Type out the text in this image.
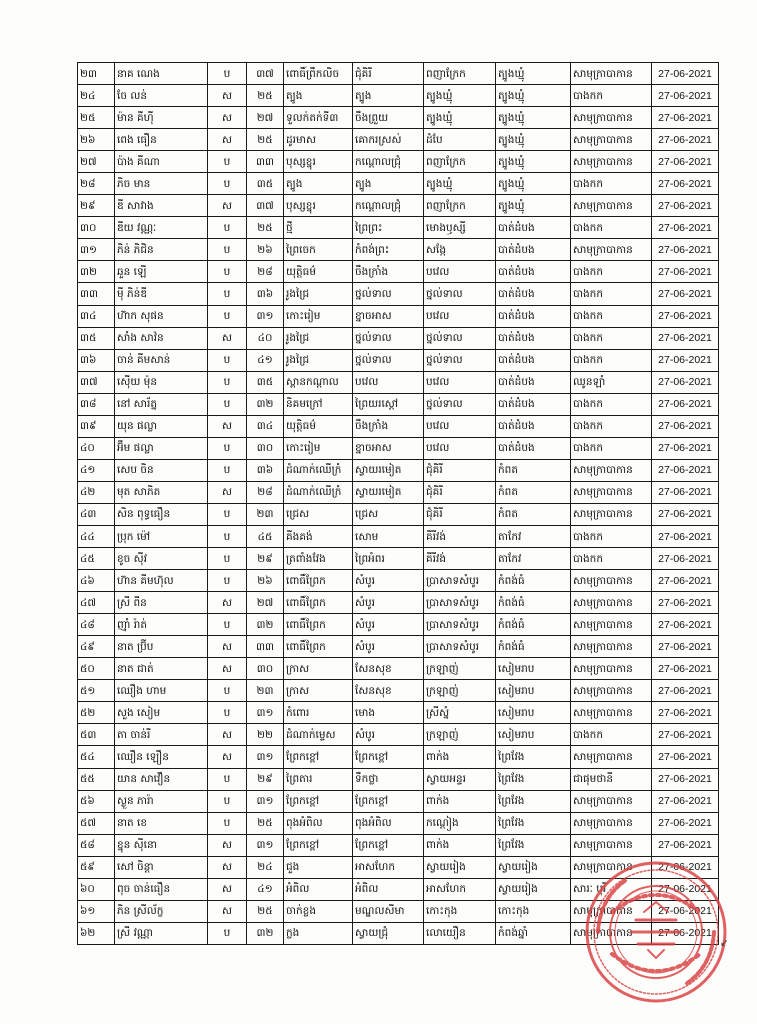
២៣	នាគ ណេង	ប	៣៧	ពោធិ៍ព្រឹកលិច	ជុំគិរី	ពញាក្រែក	ត្បូងឃ្មុំ	សាមុក្រាបាកាន	27-06-2021
២៤	ចែ លន់	ស	២៥	ត្បូង	ត្បូង	ត្បូងឃ្មុំ	ត្បូងឃ្មុំ	បាងកក	27-06-2021
២៥	ម៉ាន គីហ៊ី	ស	២៧	ទួលក់តក់ទី៣	ចឹងព្រួយ	ត្បូងឃ្មុំ	ត្បូងឃ្មុំ	សាមុក្រាបាកាន	27-06-2021
២៦	ពេង ធឿន	ស	២៥	ដូរមាស	គោករស្រស់	ដំបែ	ត្បូងឃ្មុំ	សាមុក្រាបាកាន	27-06-2021
២៧	ប៉ាង គីណា	ប	៣៣	បុស្សខ្នុរ	កណ្ដោលជ្រុំ	ពញាក្រែក	ត្បូងឃ្មុំ	សាមុក្រាបាកាន	27-06-2021
២៨	ភិច មាន	ប	៣៥	ត្បូង	ត្បូង	ត្បូងឃ្មុំ	ត្បូងឃ្មុំ	បាងកក	27-06-2021
២៩	ឌី សាវាង	ស	៣៧	បុស្សខ្នុរ	កណ្ដោលជ្រុំ	ពញាក្រែក	ត្បូងឃ្មុំ	សាមុក្រាបាកាន	27-06-2021
៣០	ឌីយ វណ្ណៈ	ប	២៥	ថ្មី	ព្រៃព្រះ	មោងឫស្សី	បាត់ដំបង	បាងកក	27-06-2021
៣១	ភិន់ ភិជិន	ប	២៦	ព្រៃចេក	កំពង់ព្រះ	សង្កែ	បាត់ដំបង	សាមុក្រាបាកាន	27-06-2021
៣២	ឆួន ឡើ	ប	២៨	យុត្តិធម៌	ចឹងក្រាំង	បវេល	បាត់ដំបង	បាងកក	27-06-2021
៣៣	ម៉ី ភិន់ឌី	ប	៣៦	រូងជ្រៃ	ថ្នល់ទាល	ថ្នល់ទាល	បាត់ដំបង	បាងកក	27-06-2021
៣៤	ហ៊ាក សុផន	ប	៣១	កោះរៀម	ខ្នាចអាស	បវេល	បាត់ដំបង	បាងកក	27-06-2021
៣៥	សាំង សាវ៉ន	ស	៤០	រូងជ្រៃ	ថ្នល់ទាល	ថ្នល់ទាល	បាត់ដំបង	បាងកក	27-06-2021
៣៦	ចាន់ គីមសាន់	ប	៤១	រូងជ្រៃ	ថ្នល់ទាល	ថ្នល់ទាល	បាត់ដំបង	បាងកក	27-06-2021
៣៧	ស៊ើយ ម៉ុន	ប	៣៥	ស្ពានកណ្ដាល	បវេល	បវេល	បាត់ដំបង	ឈូនឡាំ	27-06-2021
៣៨	នៅ សារ័ត្ន	ប	៣២	និគមក្រៅ	ព្រៃយរស្ដៅ	ថ្នល់ទាល	បាត់ដំបង	បាងកក	27-06-2021
៣៩	យុន ផល្លា	ស	៣៤	យុត្តិធម៌	ចឹងក្រាំង	បវេល	បាត់ដំបង	បាងកក	27-06-2021
៤០	អ៊ឹម ផល្លា	ប	៣០	កោះរៀម	ខ្នាចអាស	បវេល	បាត់ដំបង	បាងកក	27-06-2021
៤១	សេប ចិន	ប	៣៦	ដំណាក់ឈើក្រំ	ស្វាយរមៀត	ជុំគិរី	កំពត	សាមុក្រាបាកាន	27-06-2021
៤២	មុត សាភិត	ស	២៨	ដំណាក់ឈើក្រំ	ស្វាយរមៀត	ជុំគិរី	កំពត	សាមុក្រាបាកាន	27-06-2021
៤៣	សិន ពុទ្ធធឿន	ប	២៣	ជ្រេស	ជ្រេស	ជុំគិរី	កំពត	សាមុក្រាបាកាន	27-06-2021
៤៤	ប្រុក ម៉ៅ	ប	៤៥	គីងគង់	សោម	គីរីវង់	តាកែវ	បាងកក	27-06-2021
៤៥	ខូច ស៊ីវ	ប	២៩	ត្រពាំងវែង	ព្រៃអំពរ	គីរីវង់	តាកែវ	បាងកក	27-06-2021
៤៦	ហ៊ាន គីមហ៊ុល	ប	២៦	ពោធិ៍ព្រែក	សំបូរ	ប្រាសាទសំបូរ	កំពង់ធំ	សាមុក្រាបាកាន	27-06-2021
៤៧	ស្រី ពីន	ស	២៧	ពោធិ៍ព្រែក	សំបូរ	ប្រាសាទសំបូរ	កំពង់ធំ	សាមុក្រាបាកាន	27-06-2021
៤៨	ញ៉ាំ រ៉ាត់	ប	៣២	ពោធិ៍ព្រែក	សំបូរ	ប្រាសាទសំបូរ	កំពង់ធំ	សាមុក្រាបាកាន	27-06-2021
៤៩	នាត ប្រ៊ីប	ស	៣៣	ពោធិ៍ព្រែក	សំបូរ	ប្រាសាទសំបូរ	កំពង់ធំ	សាមុក្រាបាកាន	27-06-2021
៥០	នាត ជាត់	ស	៣០	ក្រាស	សែនសុខ	ក្រឡាញ់	សៀមរាប	សាមុក្រាបាកាន	27-06-2021
៥១	ឈឿង ហាម	ប	២៣	ក្រាស	សែនសុខ	ក្រឡាញ់	សៀមរាប	សាមុក្រាបាកាន	27-06-2021
៥២	សួង សៀម	ប	៣១	កំពោរ	មោង	ស្រីស្នំ	សៀមរាប	សាមុក្រាបាកាន	27-06-2021
៥៣	តា ចាន់រី	ស	២២	ដំណាក់ម្ទេស	សំបូរ	ក្រឡាញ់	សៀមរាប	បាងកក	27-06-2021
៥៤	ឈឿន ឡឿន	ស	៣១	ព្រែកខ្ពៅ	ព្រែកខ្ពៅ	ពាក់ង	ព្រៃវែង	សាមុក្រាបាកាន	27-06-2021
៥៥	យាន សាវឿន	ប	២៩	ព្រៃតារ	ទឹកថ្លា	ស្វាយអន្ទរ	ព្រៃវែង	ជាផុមថានី	27-06-2021
៥៦	ស្ងួន ភារ៉ា	ប	៣១	ព្រែកខ្ពៅ	ព្រែកខ្ពៅ	ពាក់ង	ព្រៃវែង	សាមុក្រាបាកាន	27-06-2021
៥៧	នាត ខេ	ប	២៥	ពុងអំពិល	ពុងអំពិល	កណ្ដៀង	ព្រៃវែង	សាមុក្រាបាកាន	27-06-2021
៥៨	ខ្នុន ស៊ីនោ	ស	៣១	ព្រែកខ្ពៅ	ព្រែកខ្ពៅ	ពាក់ង	ព្រៃវែង	សាមុក្រាបាកាន	27-06-2021
៥៩	សៅ ចិន្តា	ស	២៤	ជួង	អាសហែក	ស្វាយរៀង	ស្វាយរៀង	សាមុក្រាបាកាន	27-06-2021
៦០	ពុច ចាន់ធឿន	ស	៤១	អំពិល	អំពិល	អាសហែក	ស្វាយរៀង	សារៈ បុរី	27-06-2021
៦១	ភិន ស្រីល័ក្ខ	ស	២៥	ចាក់ខ្លង	មណ្ឌលសីមា	កោះកុង	កោះកុង	សាមុក្រាបាកាន	27-06-2021
៦២	ស្រី វណ្ណា	ប	៣២	ក្លង	ស្វាយជ្រុំ	លោយឿន	កំពង់ឆ្នាំ	សាមុក្រាបាកាន	27-06-2021
↙
